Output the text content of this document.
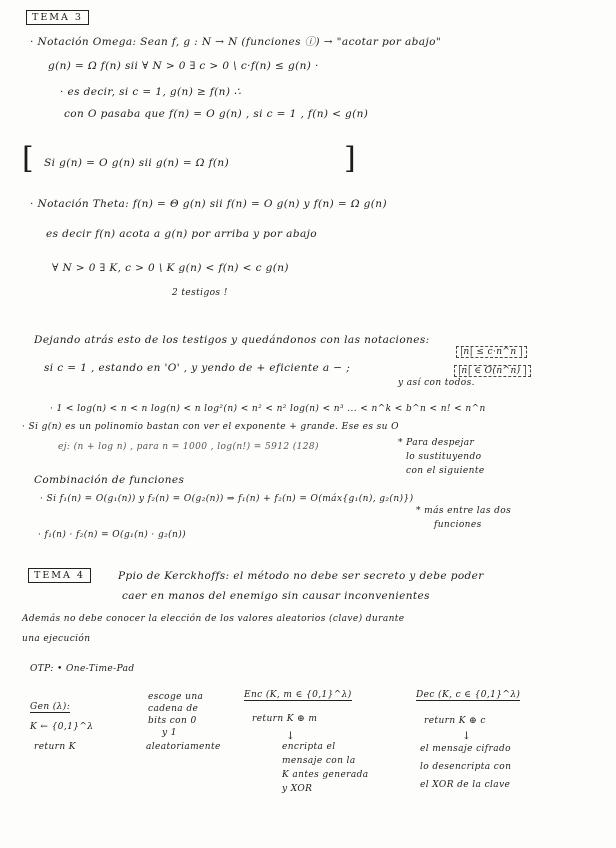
TEMA 3
· Notación Omega: Sean f, g : N → N (funciones ⓘ) → "acotar por abajo"
g(n) = Ω f(n) sii ∀ N > 0 ∃ c > 0 \ c·f(n) ≤ g(n) ·
· es decir, si c = 1, g(n) ≥ f(n) ∴
con O pasaba que f(n) = O g(n) , si c = 1 , f(n) < g(n)
[ Si g(n) = O g(n) sii g(n) = Ω f(n)	]
· Notación Theta: f(n) = Θ g(n) sii f(n) = O g(n) y f(n) = Ω g(n)
es decir f(n) acota a g(n) por arriba y por abajo
∀ N > 0 ∃ K, c > 0 \ K g(n) < f(n) < c g(n)
2 testigos !
Dejando atrás esto de los testigos y quedándonos con las notaciones:
si c = 1 , estando en 'O' , y yendo de + eficiente a − ;
y así con todos.
|n| ≤ c·n^n |
|n| ∈ O(n^n) |
· 1 < log(n) < n < n log(n) < n log²(n) < n² < n² log(n) < n³ ... < n^k < b^n < n! < n^n
· Si g(n) es un polinomio bastan con ver el exponente + grande. Ese es su O
ej: (n + log n) , para n = 1000 , log(n!) = 5912 (128)	* Para despejar
lo sustituyendo
con el siguiente
Combinación de funciones
· Si f₁(n) = O(g₁(n)) y f₂(n) = O(g₂(n)) ⇒ f₁(n) + f₂(n) = O(máx{g₁(n), g₂(n)})
* más entre las dos
funciones
· f₁(n) · f₂(n) = O(g₁(n) · g₂(n))
TEMA 4	Ppio de Kerckhoffs: el método no debe ser secreto y debe poder
caer en manos del enemigo sin causar inconvenientes
Además no debe conocer la elección de los valores aleatorios (clave) durante
una ejecución
OTP: • One-Time-Pad
Gen (λ):
K ← {0,1}^λ
return K
escoge una
cadena de
bits con 0
y 1
aleatoriamente
Enc (K, m ∈ {0,1}^λ)
return K ⊕ m
↓
encripta el
mensaje con la
K antes generada
y XOR
Dec (K, c ∈ {0,1}^λ)
return K ⊕ c
↓
el mensaje cifrado
lo desencripta con
el XOR de la clave
